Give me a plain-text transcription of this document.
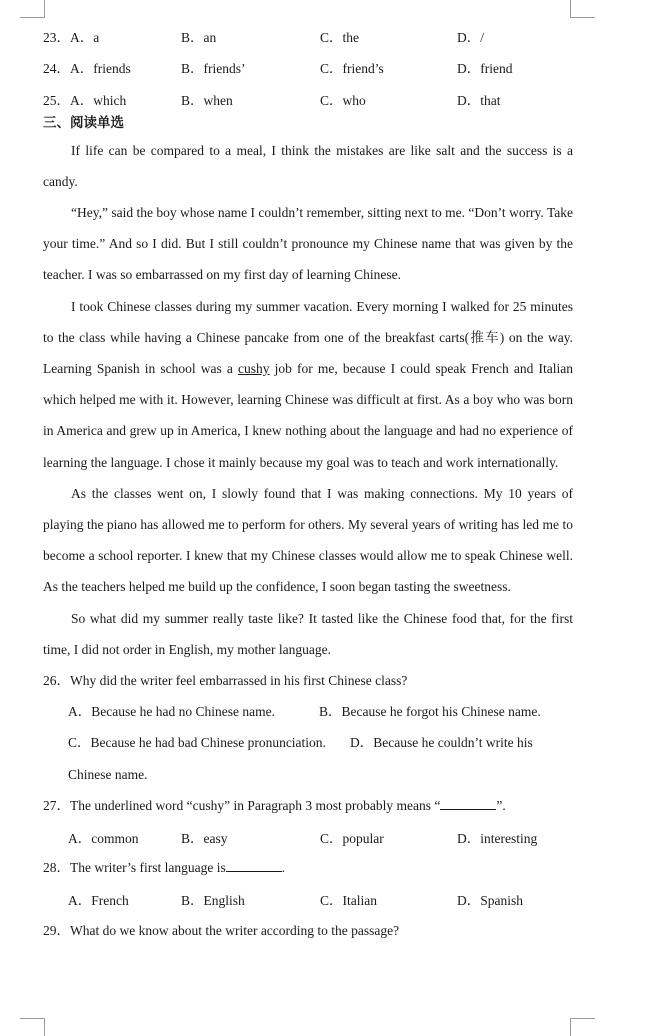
23．A．a	B．an	C．the	D．/
24．A．friends	B．friends’	C．friend’s	D．friend
25．A．which	B．when	C．who	D．that
三、阅读单选

If life can be compared to a meal, I think the mistakes are like salt and the success is a candy.

“Hey,” said the boy whose name I couldn’t remember, sitting next to me. “Don’t worry. Take your time.” And so I did. But I still couldn’t pronounce my Chinese name that was given by the teacher. I was so embarrassed on my first day of learning Chinese.

I took Chinese classes during my summer vacation. Every morning I walked for 25 minutes to the class while having a Chinese pancake from one of the breakfast carts(推车) on the way. Learning Spanish in school was a cushy job for me, because I could speak French and Italian which helped me with it. However, learning Chinese was difficult at first. As a boy who was born in America and grew up in America, I knew nothing about the language and had no experience of learning the language. I chose it mainly because my goal was to teach and work internationally.

As the classes went on, I slowly found that I was making connections. My 10 years of playing the piano has allowed me to perform for others. My several years of writing has led me to become a school reporter. I knew that my Chinese classes would allow me to speak Chinese well. As the teachers helped me build up the confidence, I soon began tasting the sweetness.

So what did my summer really taste like? It tasted like the Chinese food that, for the first time, I did not order in English, my mother language.

26．Why did the writer feel embarrassed in his first Chinese class?

A．Because he had no Chinese name.	B．Because he forgot his Chinese name.

C．Because he had bad Chinese pronunciation. D．Because he couldn’t write his

Chinese name.

27．The underlined word “cushy” in Paragraph 3 most probably means “	”.

A．common	B．easy	C．popular	D．interesting

28．The writer’s first language is	.

A．French	B．English	C．Italian	D．Spanish

29．What do we know about the writer according to the passage?
